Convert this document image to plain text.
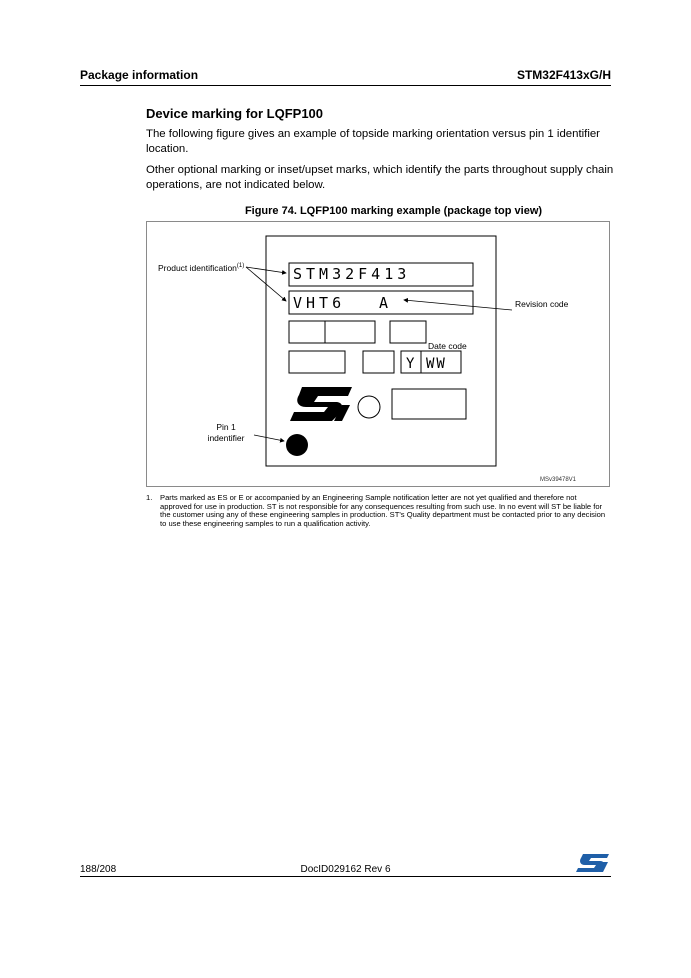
Package information	STM32F413xG/H
Device marking for LQFP100
The following figure gives an example of topside marking orientation versus pin 1 identifier location.
Other optional marking or inset/upset marks, which identify the parts throughout supply chain operations, are not indicated below.
Figure 74. LQFP100 marking example (package top view)
STM32F413
VHT6 A
Y WW
Product identification$^{(1)}$
Revision code
Date code
Pin 1
indentifier
MSv39478V1
1. Parts marked as ES or E or accompanied by an Engineering Sample notification letter are not yet qualified and therefore not approved for use in production. ST is not responsible for any consequences resulting from such use. In no event will ST be liable for the customer using any of these engineering samples in production. ST's Quality department must be contacted prior to any decision to use these engineering samples to run a qualification activity.
188/208	DocID029162 Rev 6
